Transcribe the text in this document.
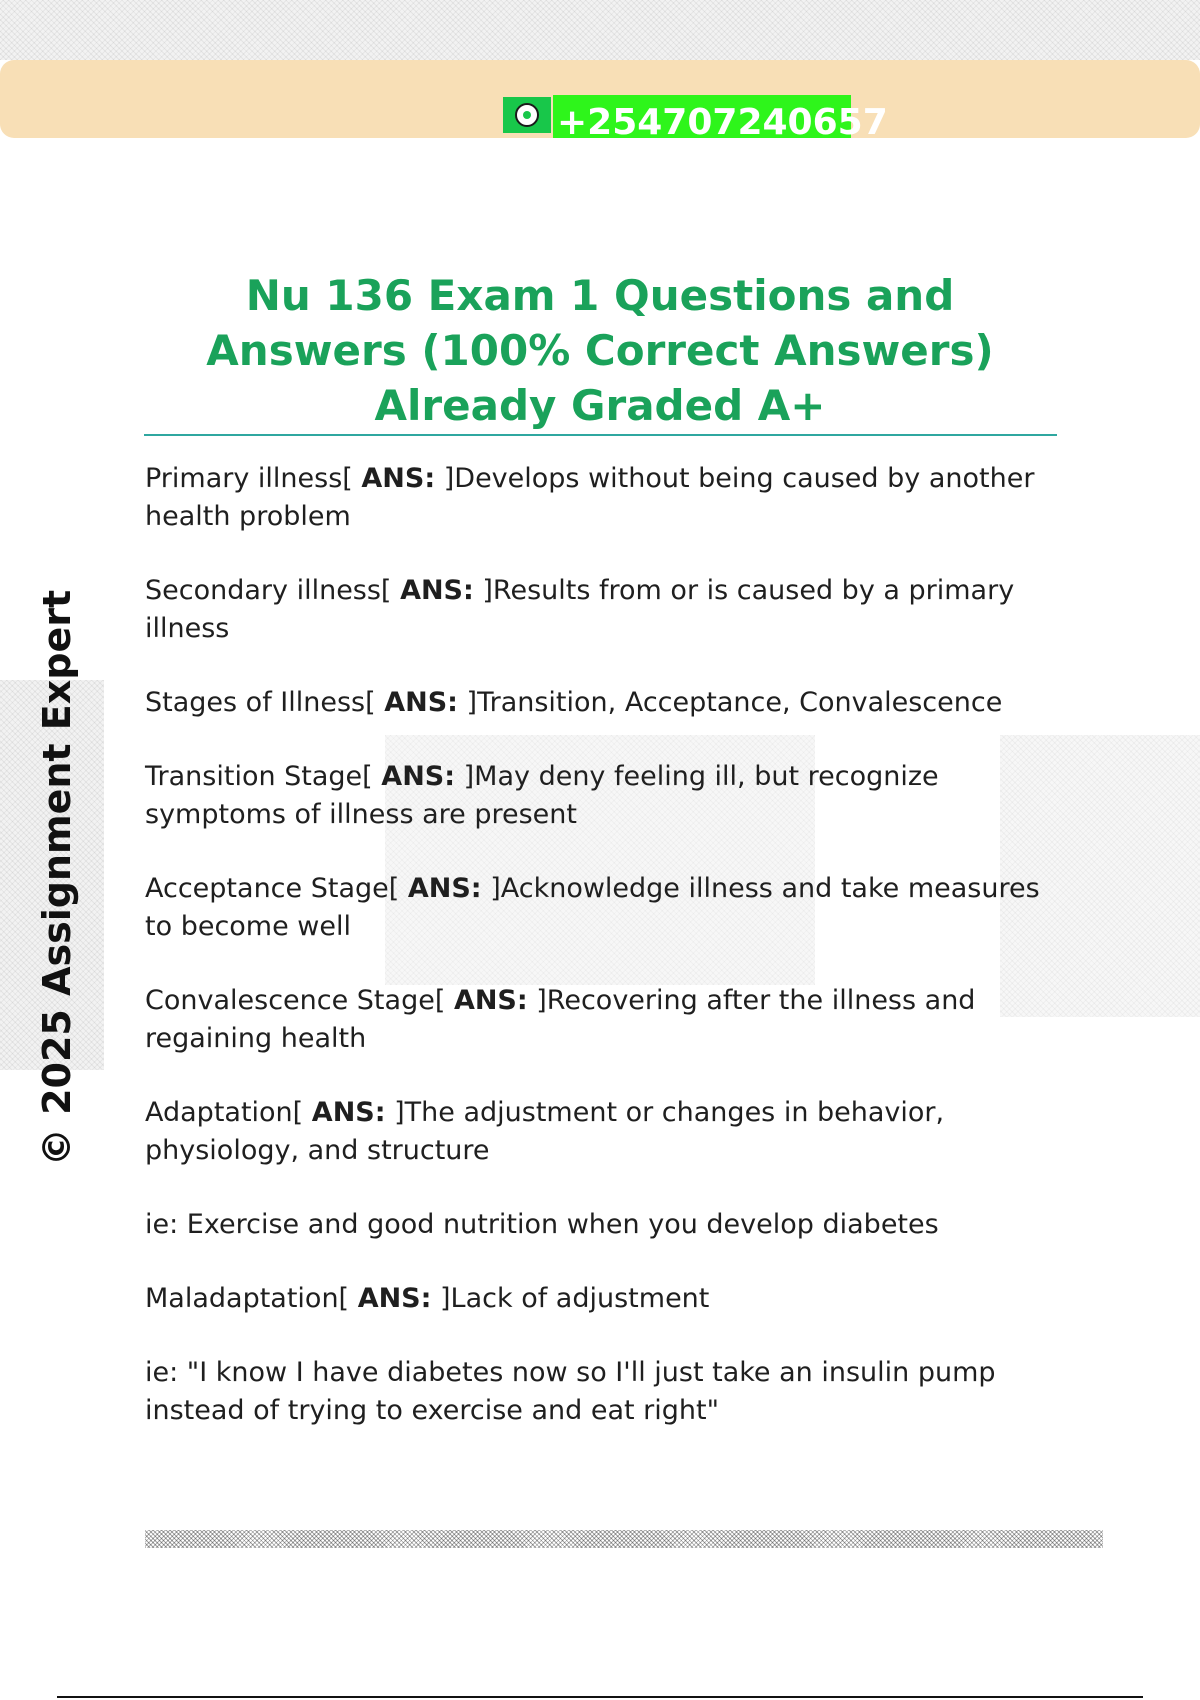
+254707240657
© 2025 Assignment Expert
Nu 136 Exam 1 Questions and Answers (100% Correct Answers) Already Graded A+

Primary illness[ ANS: ]Develops without being caused by another health problem

Secondary illness[ ANS: ]Results from or is caused by a primary illness

Stages of Illness[ ANS: ]Transition, Acceptance, Convalescence

Transition Stage[ ANS: ]May deny feeling ill, but recognize symptoms of illness are present

Acceptance Stage[ ANS: ]Acknowledge illness and take measures to become well

Convalescence Stage[ ANS: ]Recovering after the illness and regaining health

Adaptation[ ANS: ]The adjustment or changes in behavior, physiology, and structure

ie: Exercise and good nutrition when you develop diabetes

Maladaptation[ ANS: ]Lack of adjustment

ie: "I know I have diabetes now so I'll just take an insulin pump instead of trying to exercise and eat right"
